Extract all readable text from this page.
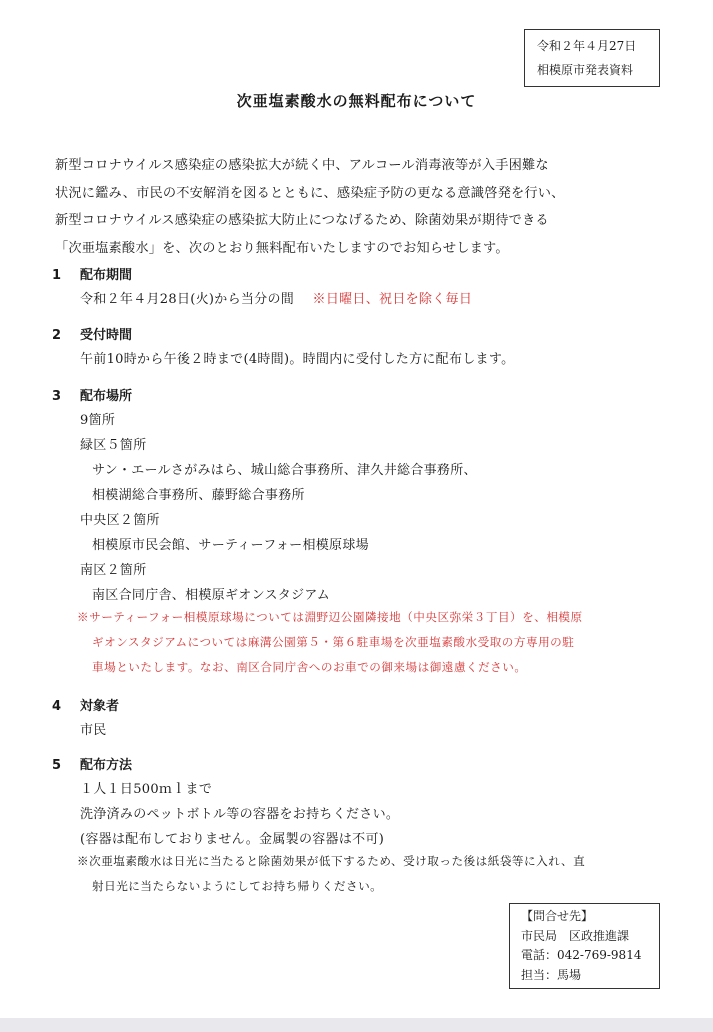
令和２年４月27日
相模原市発表資料
次亜塩素酸水の無料配布について
新型コロナウイルス感染症の感染拡大が続く中、アルコール消毒液等が入手困難な
状況に鑑み、市民の不安解消を図るとともに、感染症予防の更なる意識啓発を行い、
新型コロナウイルス感染症の感染拡大防止につなげるため、除菌効果が期待できる
「次亜塩素酸水」を、次のとおり無料配布いたしますのでお知らせします。
1 配布期間
令和２年４月28日(火)から当分の間 ※日曜日、祝日を除く毎日
2 受付時間
午前10時から午後２時まで(4時間)。時間内に受付した方に配布します。
3 配布場所
9箇所
緑区５箇所
サン・エールさがみはら、城山総合事務所、津久井総合事務所、
相模湖総合事務所、藤野総合事務所
中央区２箇所
相模原市民会館、サーティーフォー相模原球場
南区２箇所
南区合同庁舎、相模原ギオンスタジアム
※サーティーフォー相模原球場については淵野辺公園隣接地（中央区弥栄３丁目）を、相模原
ギオンスタジアムについては麻溝公園第５・第６駐車場を次亜塩素酸水受取の方専用の駐
車場といたします。なお、南区合同庁舎へのお車での御来場は御遠慮ください。
4 対象者
市民
5 配布方法
１人１日500ｍｌまで
洗浄済みのペットボトル等の容器をお持ちください。
(容器は配布しておりません。金属製の容器は不可)
※次亜塩素酸水は日光に当たると除菌効果が低下するため、受け取った後は紙袋等に入れ、直
射日光に当たらないようにしてお持ち帰りください。
【問合せ先】
市民局　区政推進課
電話：042-769-9814
担当：馬場
